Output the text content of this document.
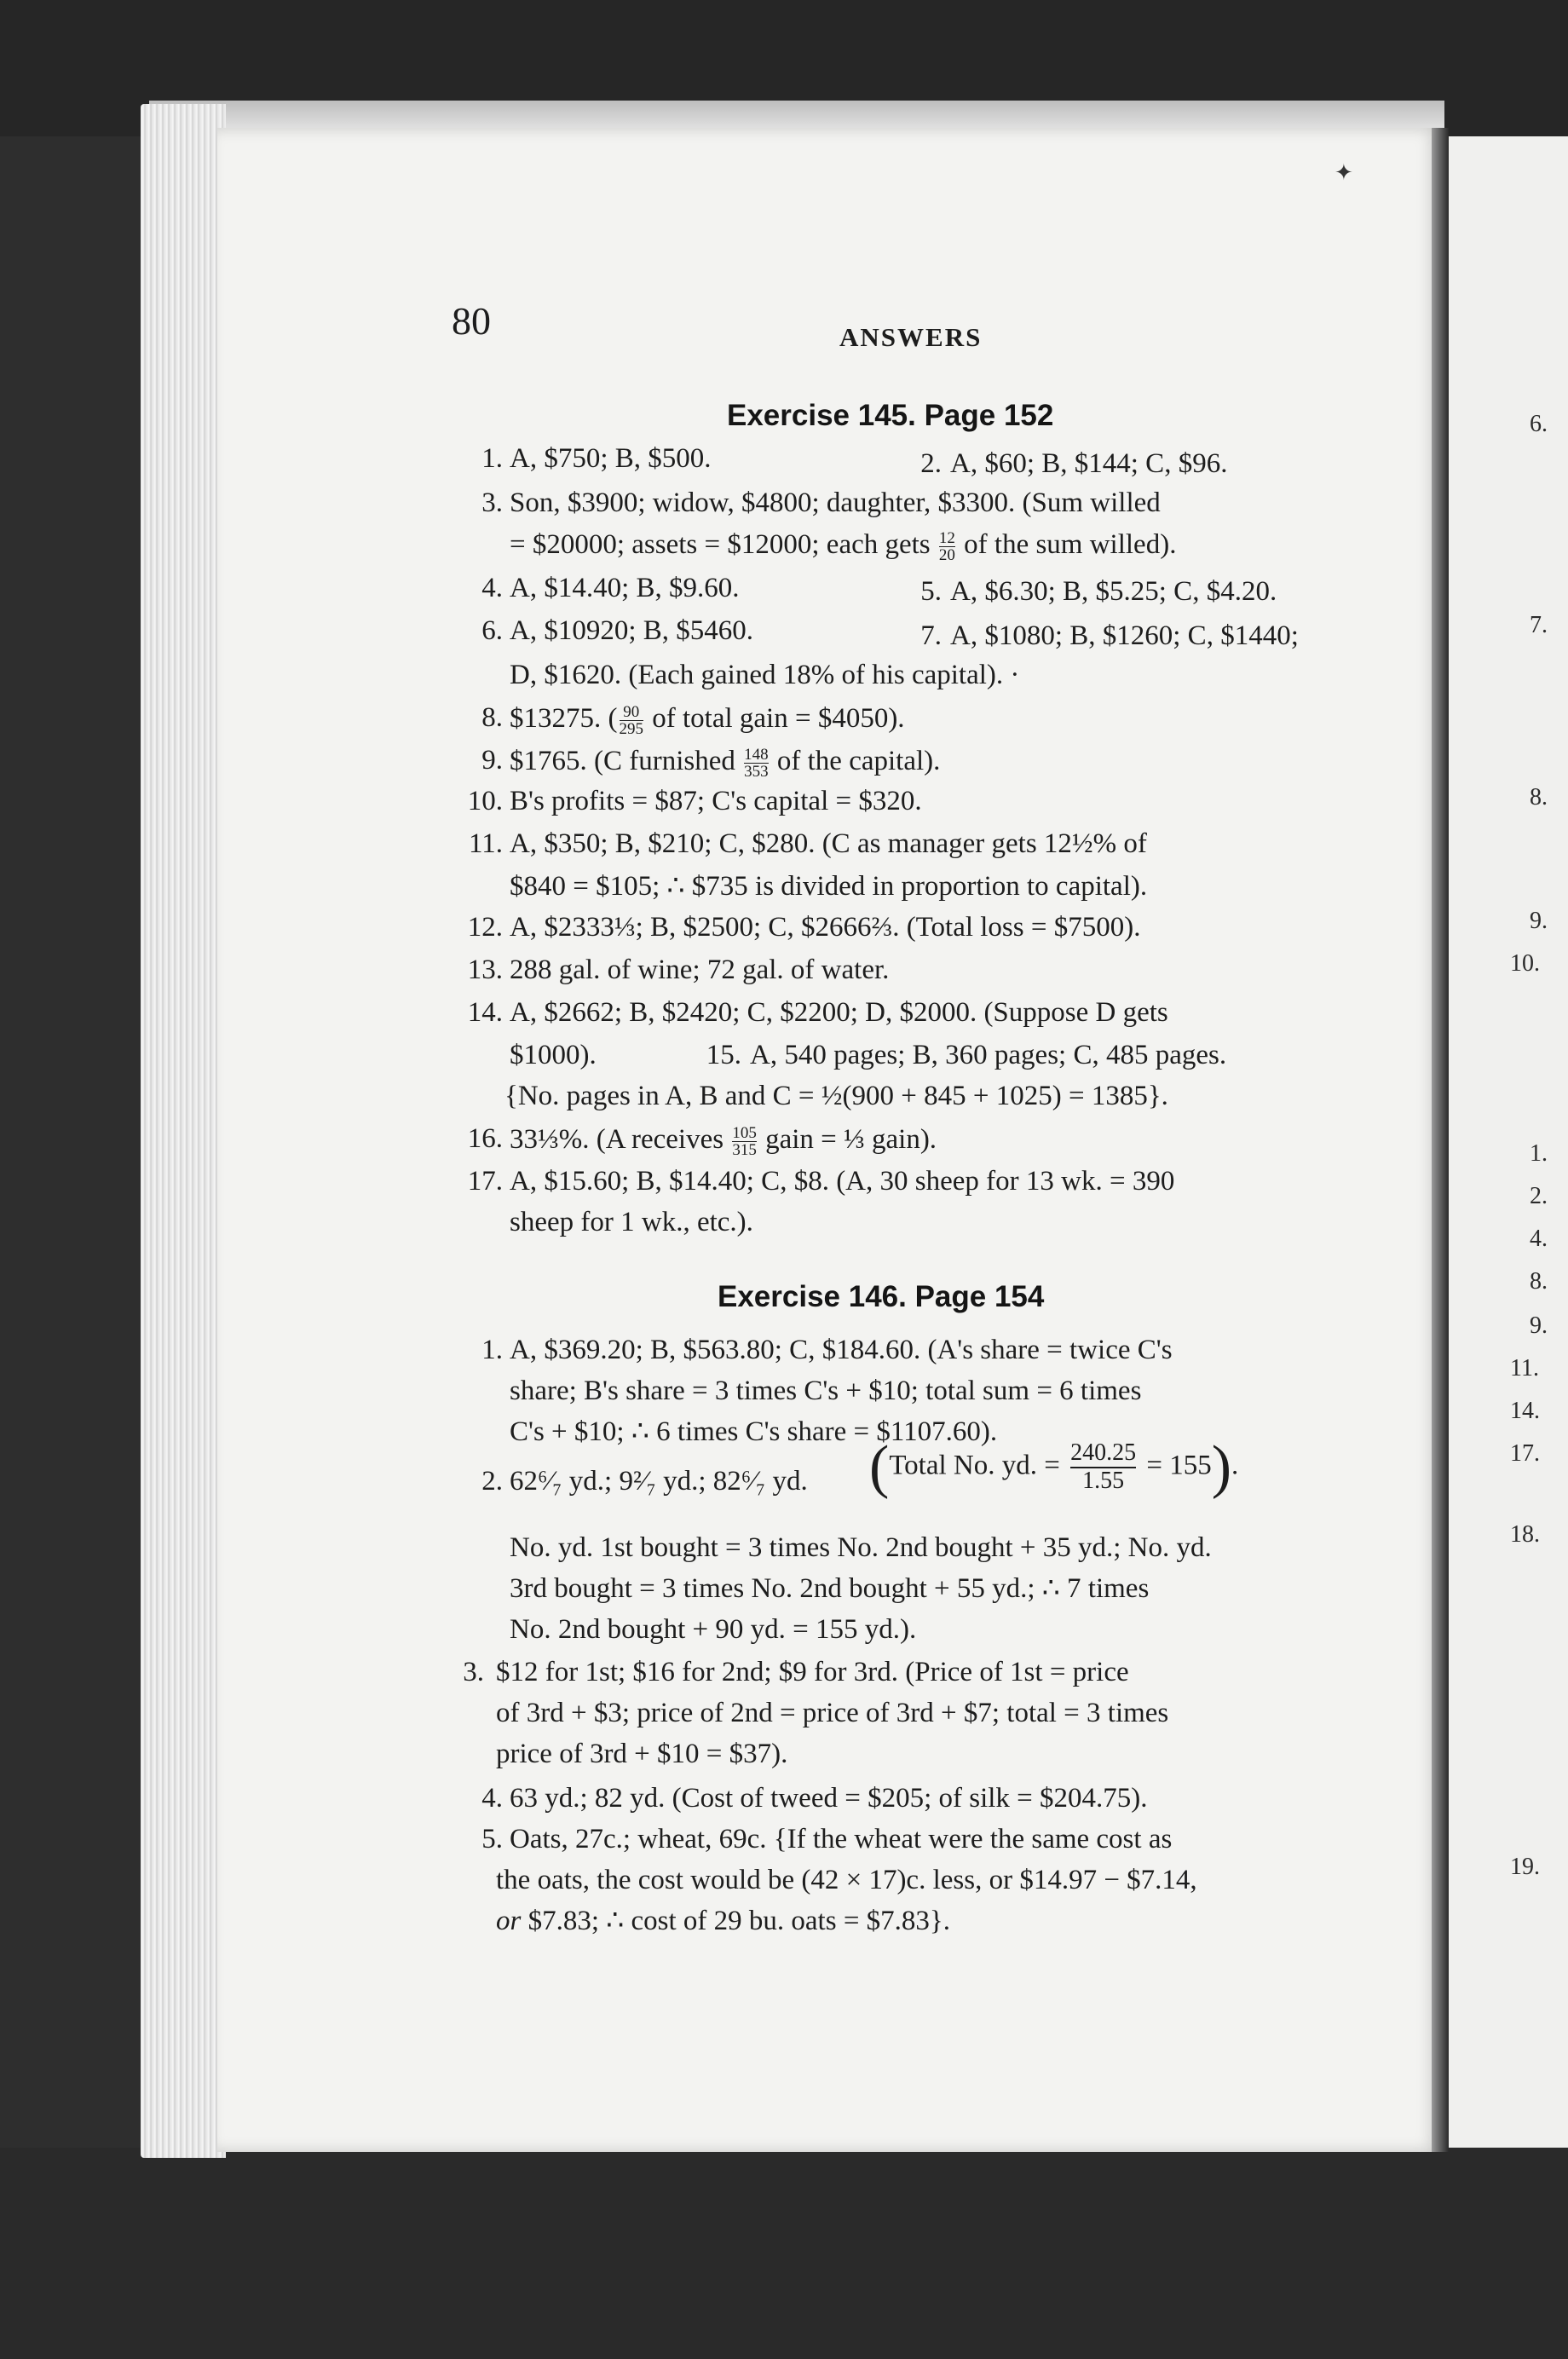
6.
7.
8.
9.
10.
1.
2.
4.
8.
9.
11.
14.
17.
18.
19.
✦
80	ANSWERS
Exercise 145. Page 152
1. A, $750; B, $500.	2. A, $60; B, $144; C, $96.
3. Son, $3900; widow, $4800; daughter, $3300. (Sum willed
= $20000; assets = $12000; each gets $\frac{12}{20}$ of the sum willed).
4. A, $14.40; B, $9.60.	5. A, $6.30; B, $5.25; C, $4.20.
6. A, $10920; B, $5460.	7. A, $1080; B, $1260; C, $1440;
D, $1620. (Each gained 18% of his capital). ·
8. $13275. ( $\frac{90}{295}$ of total gain = $4050).
9. $1765. (C furnished $\frac{148}{353}$ of the capital).
10. B's profits = $87; C's capital = $320.
11. A, $350; B, $210; C, $280. (C as manager gets 12½% of
$840 = $105; ∴ $735 is divided in proportion to capital).
12. A, $2333⅓; B, $2500; C, $2666⅔. (Total loss = $7500).
13. 288 gal. of wine; 72 gal. of water.
14. A, $2662; B, $2420; C, $2200; D, $2000. (Suppose D gets
$1000).	15. A, 540 pages; B, 360 pages; C, 485 pages.
{No. pages in A, B and C = ½(900 + 845 + 1025) = 1385}.
16. 33⅓%. (A receives $\frac{105}{315}$ gain = ⅓ gain).
17. A, $15.60; B, $14.40; C, $8. (A, 30 sheep for 13 wk. = 390
sheep for 1 wk., etc.).
Exercise 146. Page 154
1. A, $369.20; B, $563.80; C, $184.60. (A's share = twice C's
share; B's share = 3 times C's + $10; total sum = 6 times
C's + $10; ∴ 6 times C's share = $1107.60).
2. 62⁶⁄₇ yd.; 9²⁄₇ yd.; 82⁶⁄₇ yd. (Total No. yd. = $\frac{240.25}{1.55} = 155$).
No. yd. 1st bought = 3 times No. 2nd bought + 35 yd.; No. yd.
3rd bought = 3 times No. 2nd bought + 55 yd.; ∴ 7 times
No. 2nd bought + 90 yd. = 155 yd.).
3. $12 for 1st; $16 for 2nd; $9 for 3rd. (Price of 1st = price
of 3rd + $3; price of 2nd = price of 3rd + $7; total = 3 times
price of 3rd + $10 = $37).
4. 63 yd.; 82 yd. (Cost of tweed = $205; of silk = $204.75).
5. Oats, 27c.; wheat, 69c. {If the wheat were the same cost as
the oats, the cost would be (42 × 17)c. less, or $14.97 − $7.14,
or $7.83; ∴ cost of 29 bu. oats = $7.83}.
